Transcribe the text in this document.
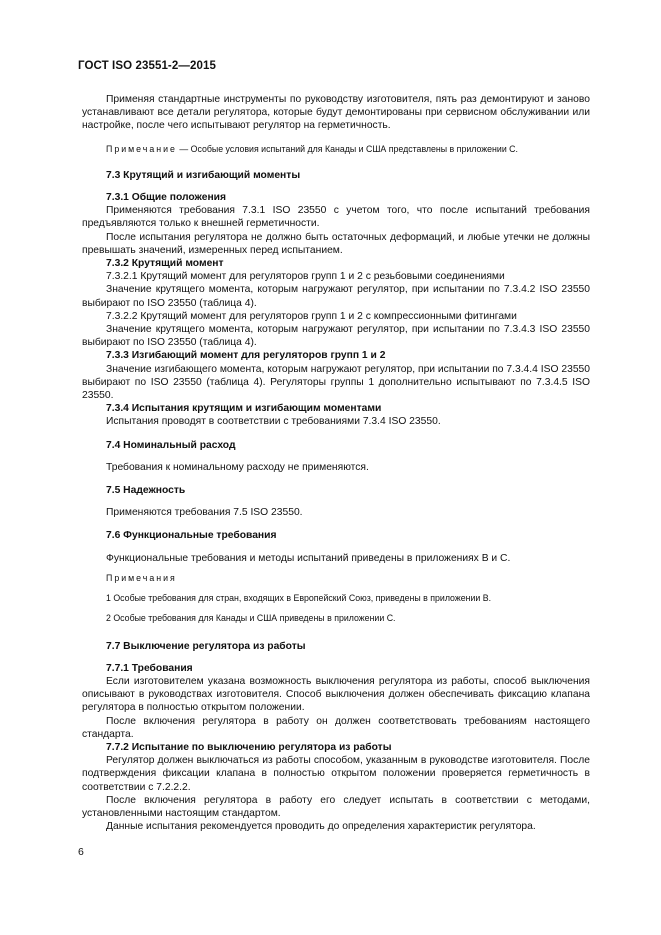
ГОСТ ISO 23551-2—2015

Применяя стандартные инструменты по руководству изготовителя, пять раз демонтируют и заново устанавливают все детали регулятора, которые будут демонтированы при сервисном обслуживании или настройке, после чего испытывают регулятор на герметичность.

Примечание — Особые условия испытаний для Канады и США представлены в приложении С.

7.3 Крутящий и изгибающий моменты

7.3.1 Общие положения

Применяются требования 7.3.1 ISO 23550 с учетом того, что после испытаний требования предъявляются только к внешней герметичности.

После испытания регулятора не должно быть остаточных деформаций, и любые утечки не должны превышать значений, измеренных перед испытанием.

7.3.2 Крутящий момент

7.3.2.1 Крутящий момент для регуляторов групп 1 и 2 с резьбовыми соединениями

Значение крутящего момента, которым нагружают регулятор, при испытании по 7.3.4.2 ISO 23550 выбирают по ISO 23550 (таблица 4).

7.3.2.2 Крутящий момент для регуляторов групп 1 и 2 с компрессионными фитингами

Значение крутящего момента, которым нагружают регулятор, при испытании по 7.3.4.3 ISO 23550 выбирают по ISO 23550 (таблица 4).

7.3.3 Изгибающий момент для регуляторов групп 1 и 2

Значение изгибающего момента, которым нагружают регулятор, при испытании по 7.3.4.4 ISO 23550 выбирают по ISO 23550 (таблица 4). Регуляторы группы 1 дополнительно испытывают по 7.3.4.5 ISO 23550.

7.3.4 Испытания крутящим и изгибающим моментами

Испытания проводят в соответствии с требованиями 7.3.4 ISO 23550.

7.4 Номинальный расход

Требования к номинальному расходу не применяются.

7.5 Надежность

Применяются требования 7.5 ISO 23550.

7.6 Функциональные требования

Функциональные требования и методы испытаний приведены в приложениях В и С.

Примечания

1 Особые требования для стран, входящих в Европейский Союз, приведены в приложении В.

2 Особые требования для Канады и США приведены в приложении С.

7.7 Выключение регулятора из работы

7.7.1 Требования

Если изготовителем указана возможность выключения регулятора из работы, способ выключения описывают в руководствах изготовителя. Способ выключения должен обеспечивать фиксацию клапана регулятора в полностью открытом положении.

После включения регулятора в работу он должен соответствовать требованиям настоящего стандарта.

7.7.2 Испытание по выключению регулятора из работы

Регулятор должен выключаться из работы способом, указанным в руководстве изготовителя. После подтверждения фиксации клапана в полностью открытом положении проверяется герметичность в соответствии с 7.2.2.2.

После включения регулятора в работу его следует испытать в соответствии с методами, установленными настоящим стандартом.

Данные испытания рекомендуется проводить до определения характеристик регулятора.

6
